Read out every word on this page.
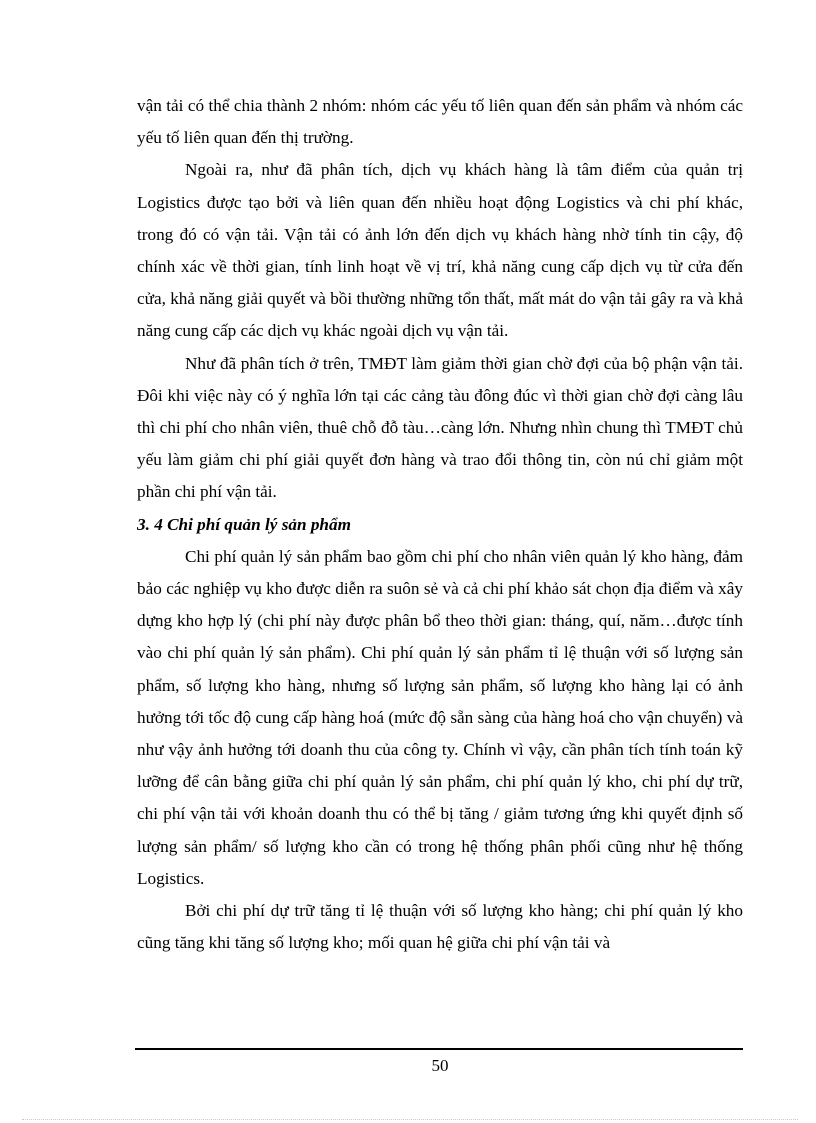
vận tải có thể chia thành 2 nhóm: nhóm các yếu tố liên quan đến sản phẩm và nhóm các yếu tố liên quan đến thị trường.

Ngoài ra, như đã phân tích, dịch vụ khách hàng là tâm điểm của quản trị Logistics được tạo bởi và liên quan đến nhiều hoạt động Logistics và chi phí khác, trong đó có vận tải. Vận tải có ảnh lớn đến dịch vụ khách hàng nhờ tính tin cậy, độ chính xác về thời gian, tính linh hoạt về vị trí, khả năng cung cấp dịch vụ từ cửa đến cửa, khả năng giải quyết và bồi thường những tổn thất, mất mát do vận tải gây ra và khả năng cung cấp các dịch vụ khác ngoài dịch vụ vận tải.

Như đã phân tích ở trên, TMĐT làm giảm thời gian chờ đợi của bộ phận vận tải. Đôi khi việc này có ý nghĩa lớn tại các cảng tàu đông đúc vì thời gian chờ đợi càng lâu thì chi phí cho nhân viên, thuê chỗ đỗ tàu…càng lớn. Nhưng nhìn chung thì TMĐT chủ yếu làm giảm chi phí giải quyết đơn hàng và trao đổi thông tin, còn nú chỉ giảm một phần chi phí vận tải.

3. 4 Chi phí quản lý sản phẩm

Chi phí quản lý sản phẩm bao gồm chi phí cho nhân viên quản lý kho hàng, đảm bảo các nghiệp vụ kho được diễn ra suôn sẻ và cả chi phí khảo sát chọn địa điểm và xây dựng kho hợp lý (chi phí này được phân bổ theo thời gian: tháng, quí, năm…được tính vào chi phí quản lý sản phẩm). Chi phí quản lý sản phẩm tỉ lệ thuận với số lượng sản phẩm, số lượng kho hàng, nhưng số lượng sản phẩm, số lượng kho hàng lại có ảnh hưởng tới tốc độ cung cấp hàng hoá (mức độ sẵn sàng của hàng hoá cho vận chuyển) và như vậy ảnh hưởng tới doanh thu của công ty. Chính vì vậy, cần phân tích tính toán kỹ lưỡng để cân bằng giữa chi phí quản lý sản phẩm, chi phí quản lý kho, chi phí dự trữ, chi phí vận tải với khoản doanh thu có thể bị tăng / giảm tương ứng khi quyết định số lượng sản phẩm/ số lượng kho cần có trong hệ thống phân phối cũng như hệ thống Logistics.

Bởi chi phí dự trữ tăng tỉ lệ thuận với số lượng kho hàng; chi phí quản lý kho cũng tăng khi tăng số lượng kho; mối quan hệ giữa chi phí vận tải và

50
